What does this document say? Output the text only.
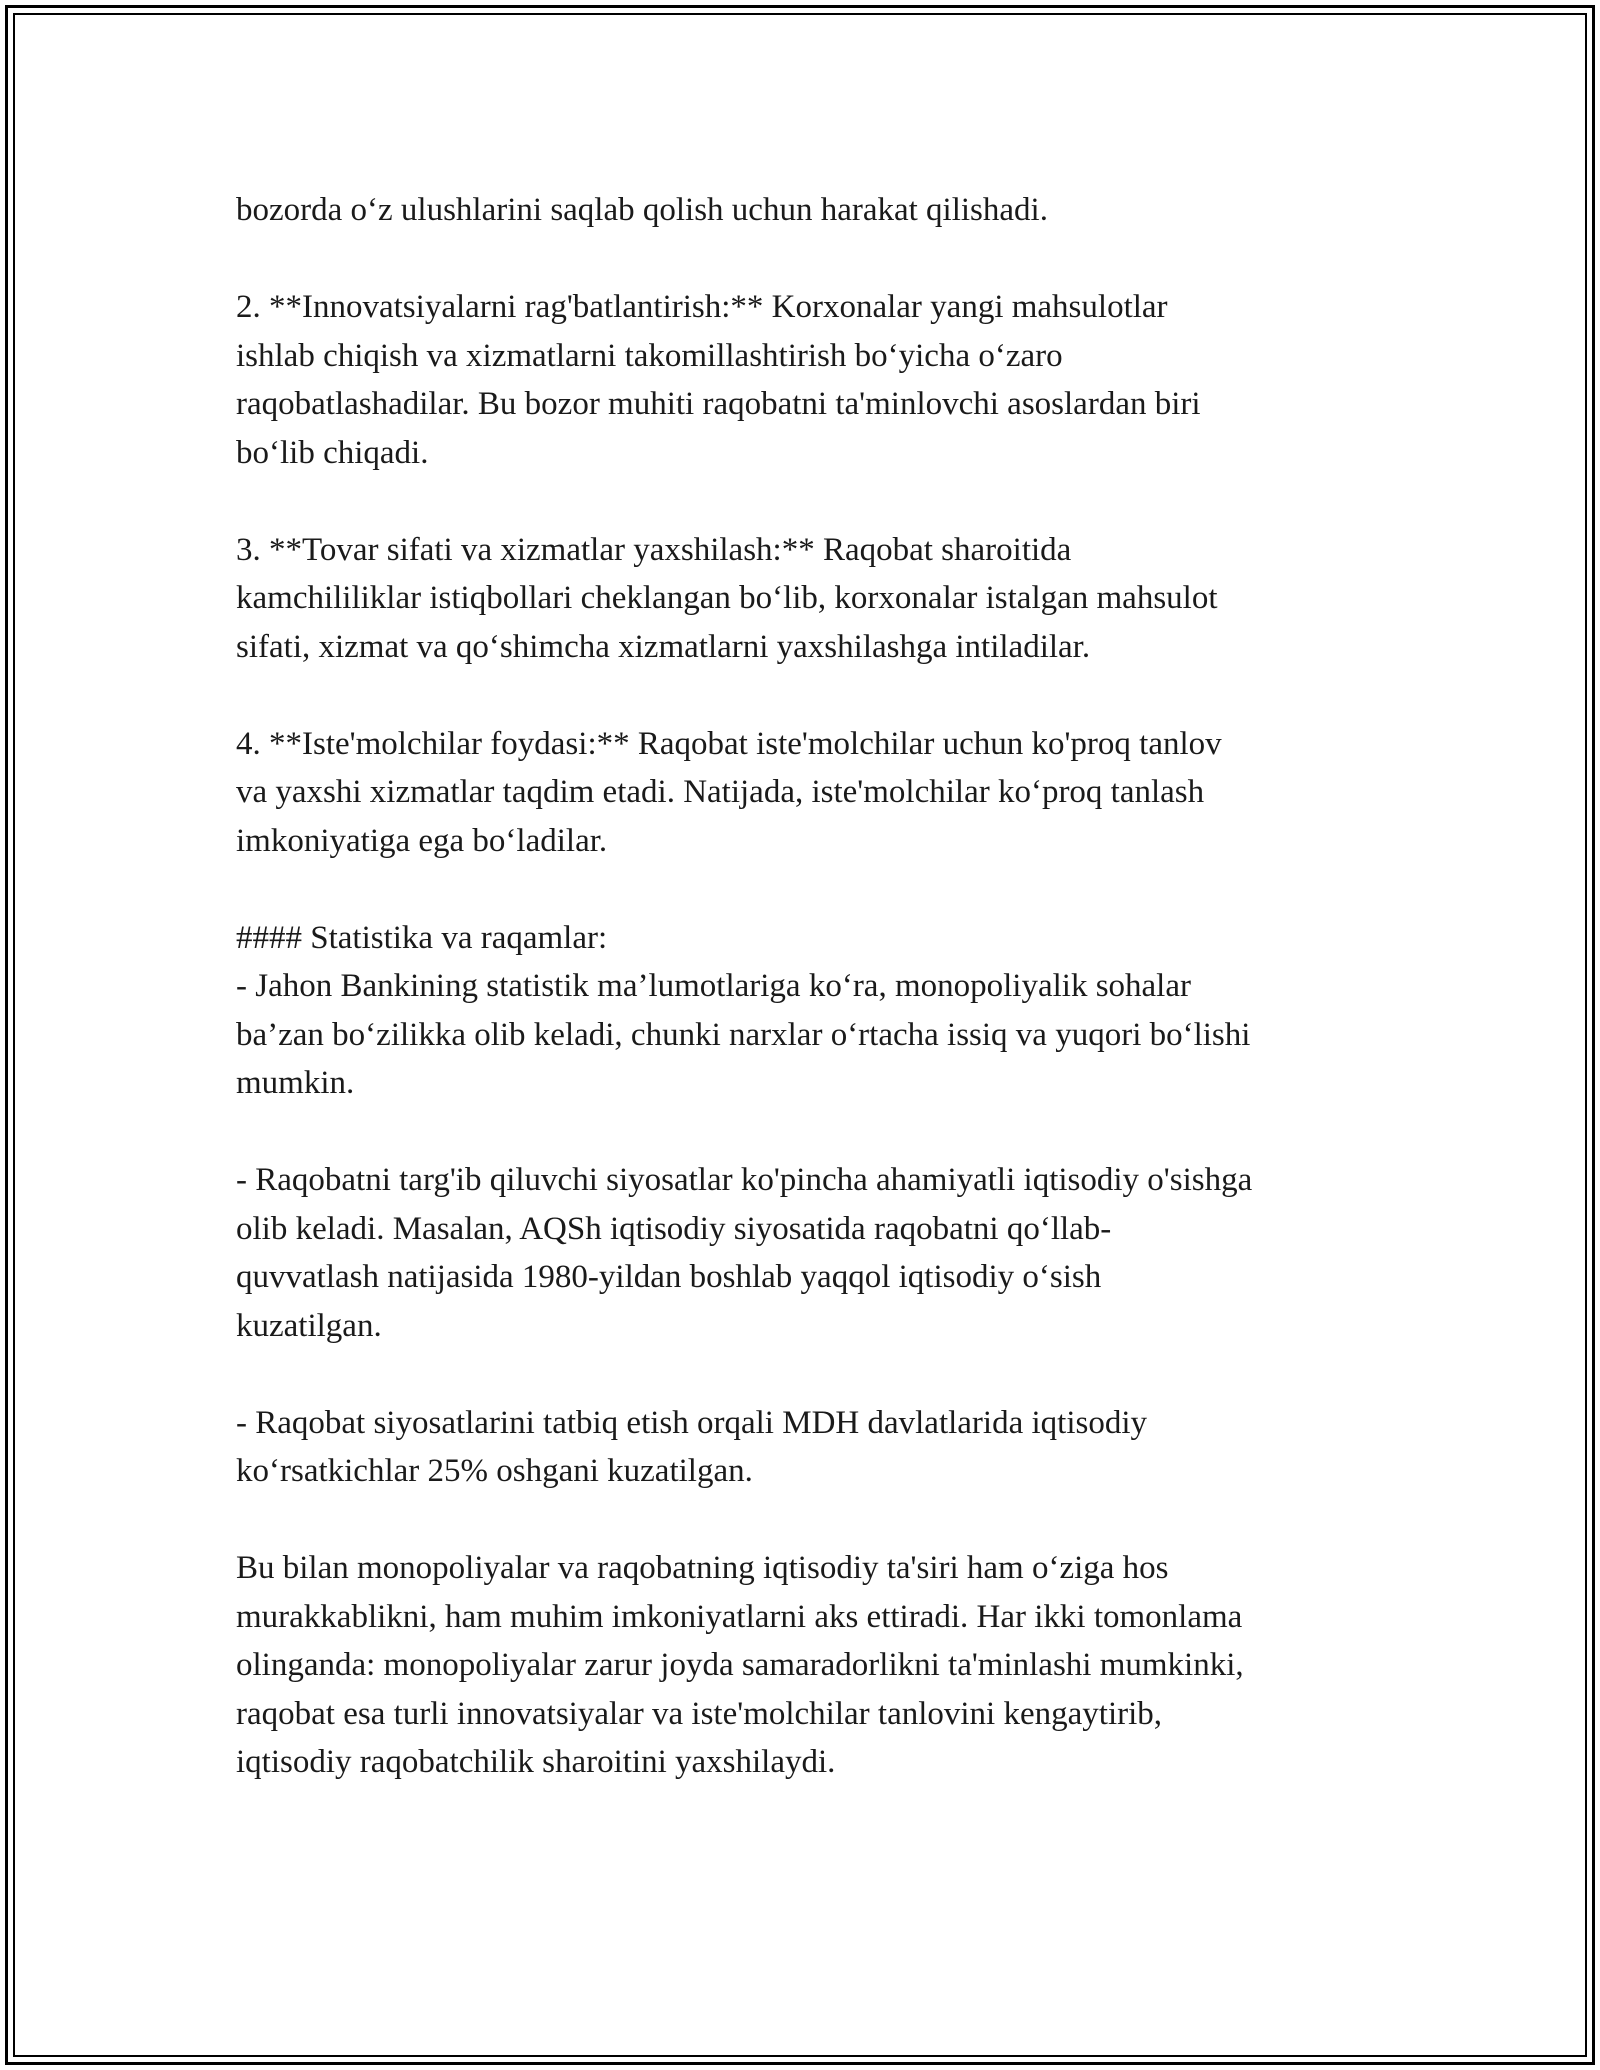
bozorda o‘z ulushlarini saqlab qolish uchun harakat qilishadi.

2. **Innovatsiyalarni rag'batlantirish:** Korxonalar yangi mahsulotlar
ishlab chiqish va xizmatlarni takomillashtirish bo‘yicha o‘zaro
raqobatlashadilar. Bu bozor muhiti raqobatni ta'minlovchi asoslardan biri
bo‘lib chiqadi.

3. **Tovar sifati va xizmatlar yaxshilash:** Raqobat sharoitida
kamchililiklar istiqbollari cheklangan bo‘lib, korxonalar istalgan mahsulot
sifati, xizmat va qo‘shimcha xizmatlarni yaxshilashga intiladilar.

4. **Iste'molchilar foydasi:** Raqobat iste'molchilar uchun ko'proq tanlov
va yaxshi xizmatlar taqdim etadi. Natijada, iste'molchilar ko‘proq tanlash
imkoniyatiga ega bo‘ladilar.

#### Statistika va raqamlar:
- Jahon Bankining statistik ma’lumotlariga ko‘ra, monopoliyalik sohalar
ba’zan bo‘zilikka olib keladi, chunki narxlar o‘rtacha issiq va yuqori bo‘lishi
mumkin.

- Raqobatni targ'ib qiluvchi siyosatlar ko'pincha ahamiyatli iqtisodiy o'sishga
olib keladi. Masalan, AQSh iqtisodiy siyosatida raqobatni qo‘llab-
quvvatlash natijasida 1980-yildan boshlab yaqqol iqtisodiy o‘sish
kuzatilgan.

- Raqobat siyosatlarini tatbiq etish orqali MDH davlatlarida iqtisodiy
ko‘rsatkichlar 25% oshgani kuzatilgan.

Bu bilan monopoliyalar va raqobatning iqtisodiy ta'siri ham o‘ziga hos
murakkablikni, ham muhim imkoniyatlarni aks ettiradi. Har ikki tomonlama
olinganda: monopoliyalar zarur joyda samaradorlikni ta'minlashi mumkinki,
raqobat esa turli innovatsiyalar va iste'molchilar tanlovini kengaytirib,
iqtisodiy raqobatchilik sharoitini yaxshilaydi.
